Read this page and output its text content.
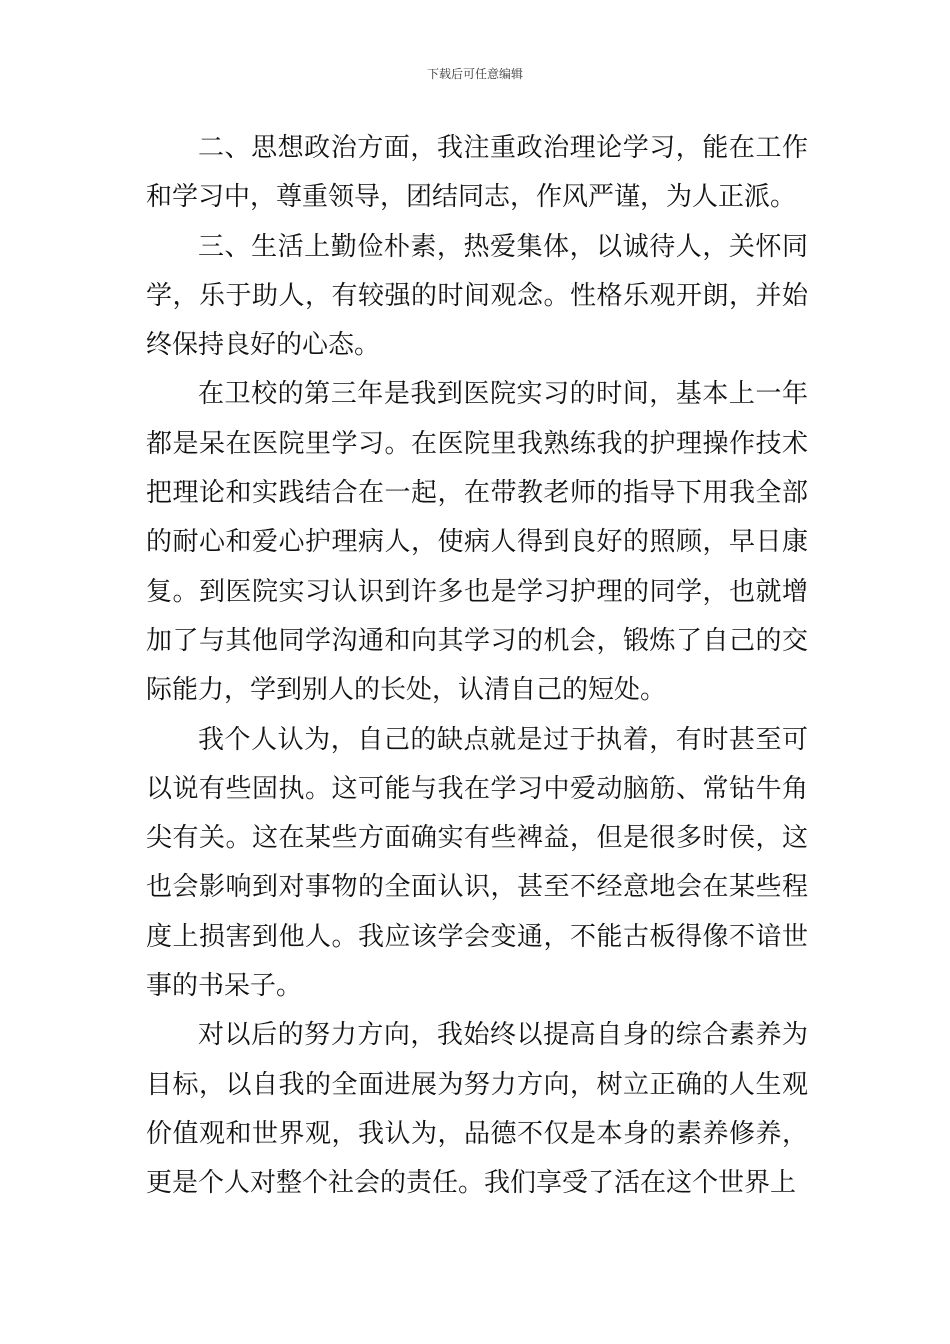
下载后可任意编辑

二、思想政治方面，我注重政治理论学习，能在工作和学习中，尊重领导，团结同志，作风严谨，为人正派。

三、生活上勤俭朴素，热爱集体，以诚待人，关怀同学，乐于助人，有较强的时间观念。性格乐观开朗，并始终保持良好的心态。

在卫校的第三年是我到医院实习的时间，基本上一年都是呆在医院里学习。在医院里我熟练我的护理操作技术把理论和实践结合在一起，在带教老师的指导下用我全部的耐心和爱心护理病人，使病人得到良好的照顾，早日康复。到医院实习认识到许多也是学习护理的同学，也就增加了与其他同学沟通和向其学习的机会，锻炼了自己的交际能力，学到别人的长处，认清自己的短处。

我个人认为，自己的缺点就是过于执着，有时甚至可以说有些固执。这可能与我在学习中爱动脑筋、常钻牛角尖有关。这在某些方面确实有些裨益，但是很多时侯，这也会影响到对事物的全面认识，甚至不经意地会在某些程度上损害到他人。我应该学会变通，不能古板得像不谙世事的书呆子。

对以后的努力方向，我始终以提高自身的综合素养为目标，以自我的全面进展为努力方向，树立正确的人生观价值观和世界观，我认为，品德不仅是本身的素养修养，更是个人对整个社会的责任。我们享受了活在这个世界上
